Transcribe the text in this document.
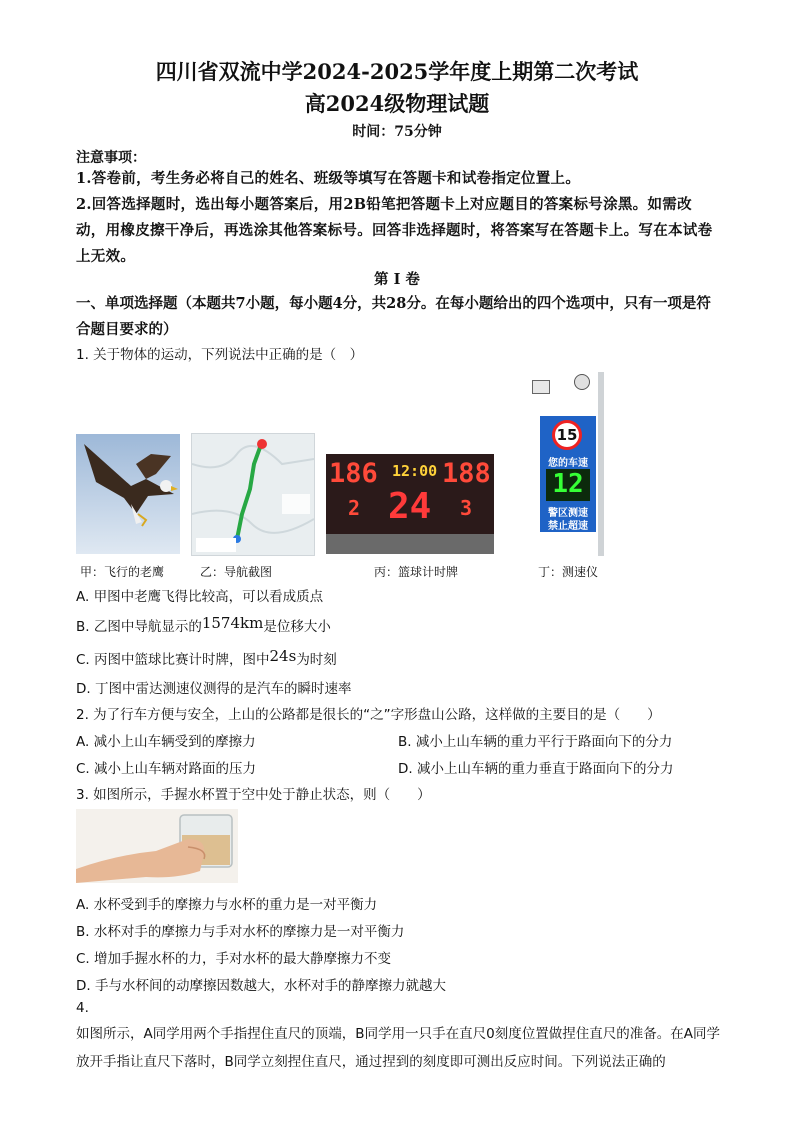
四川省双流中学2024-2025学年度上期第二次考试
高2024级物理试题
时间：75分钟
注意事项：
1.答卷前，考生务必将自己的姓名、班级等填写在答题卡和试卷指定位置上。
2.回答选择题时，选出每小题答案后，用2B铅笔把答题卡上对应题目的答案标号涂黑。如需改动，用橡皮擦干净后，再选涂其他答案标号。回答非选择题时，将答案写在答题卡上。写在本试卷上无效。
第 I 卷
一、单项选择题（本题共7小题，每小题4分，共28分。在每小题给出的四个选项中，只有一项是符合题目要求的）
1. 关于物体的运动，下列说法中正确的是（　）
186 12:00 188
24
2	3
15
您的车速
12
警区测速
禁止超速
甲：飞行的老鹰	乙：导航截图	丙：篮球计时牌	丁：测速仪
A. 甲图中老鹰飞得比较高，可以看成质点
B. 乙图中导航显示的1574km是位移大小
C. 丙图中篮球比赛计时牌，图中24s为时刻
D. 丁图中雷达测速仪测得的是汽车的瞬时速率
2. 为了行车方便与安全，上山的公路都是很长的“之”字形盘山公路，这样做的主要目的是（　　）
A. 减小上山车辆受到的摩擦力	B. 减小上山车辆的重力平行于路面向下的分力
C. 减小上山车辆对路面的压力	D. 减小上山车辆的重力垂直于路面向下的分力
3. 如图所示，手握水杯置于空中处于静止状态，则（　　）
A. 水杯受到手的摩擦力与水杯的重力是一对平衡力
B. 水杯对手的摩擦力与手对水杯的摩擦力是一对平衡力
C. 增加手握水杯的力，手对水杯的最大静摩擦力不变
D. 手与水杯间的动摩擦因数越大，水杯对手的静摩擦力就越大
4.
如图所示，A同学用两个手指捏住直尺的顶端，B同学用一只手在直尺0刻度位置做捏住直尺的准备。在A同学放开手指让直尺下落时，B同学立刻捏住直尺，通过捏到的刻度即可测出反应时间。下列说法正确的
